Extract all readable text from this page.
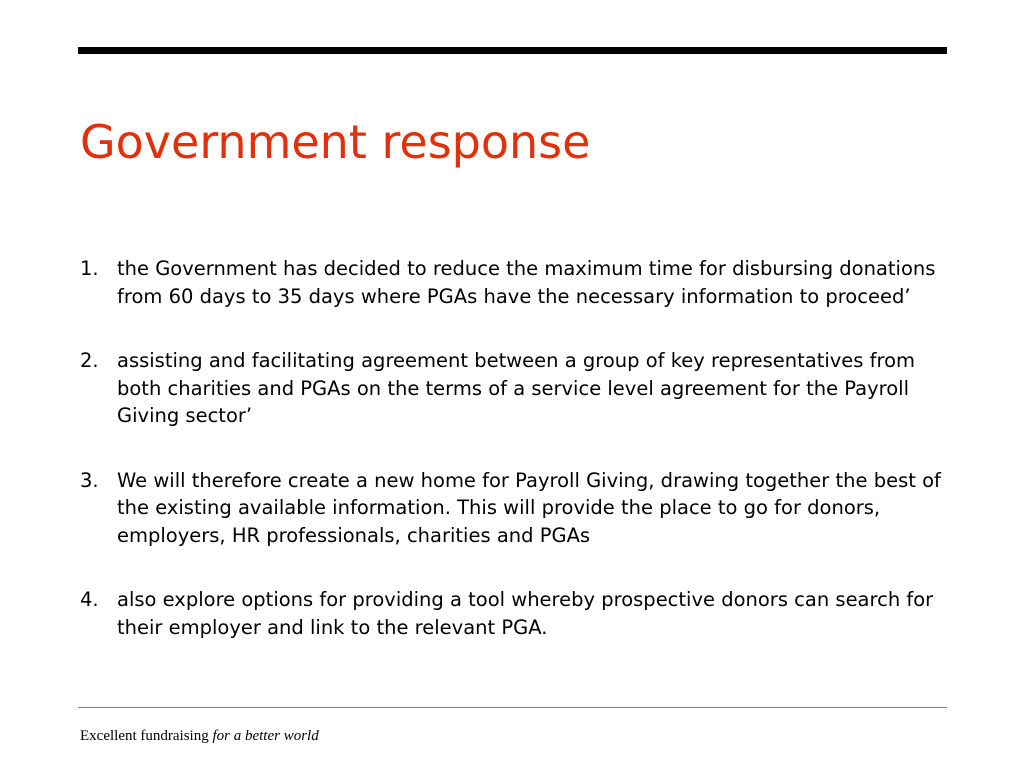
Government response
1. the Government has decided to reduce the maximum time for disbursing donations from 60 days to 35 days where PGAs have the necessary information to proceed’
2. assisting and facilitating agreement between a group of key representatives from both charities and PGAs on the terms of a service level agreement for the Payroll Giving sector’
3. We will therefore create a new home for Payroll Giving, drawing together the best of the existing available information. This will provide the place to go for donors, employers, HR professionals, charities and PGAs
4. also explore options for providing a tool whereby prospective donors can search for their employer and link to the relevant PGA.
Excellent fundraising for a better world
